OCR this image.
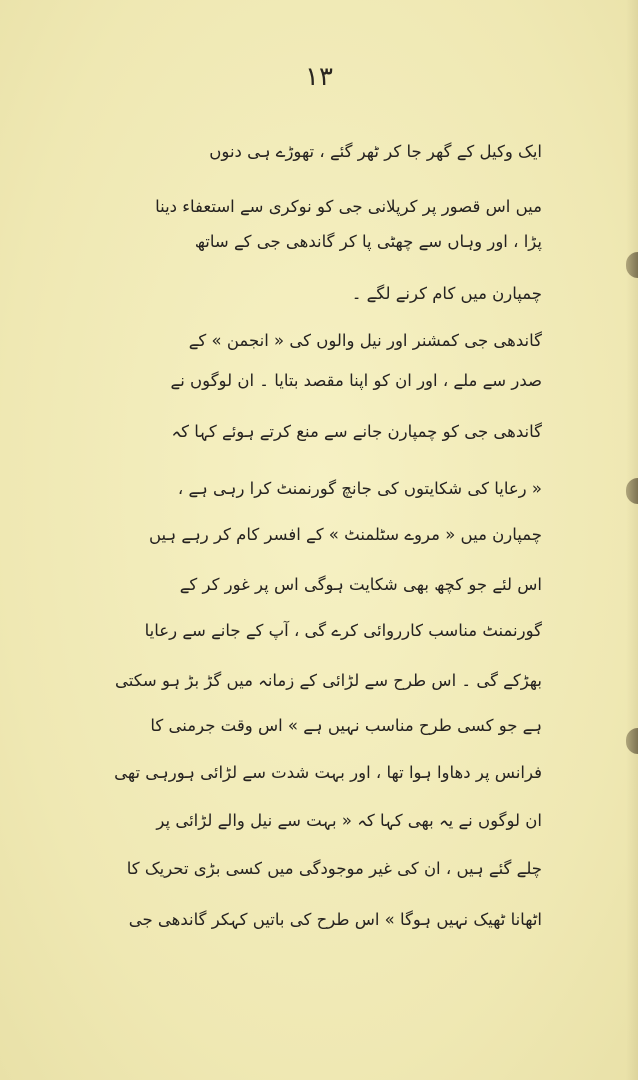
۱۳
ایک وکیل کے گھر جا کر ٹھر گئے ، تھوڑے ہی دنوں
میں اس قصور پر کرپلانی جی کو نوکری سے استعفاء دینا
پڑا ، اور وہاں سے چھٹی پا کر گاندھی جی کے ساتھ
چمپارن میں کام کرنے لگے ۔
گاندھی جی کمشنر اور نیل والوں کی « انجمن » کے
صدر سے ملے ، اور ان کو اپنا مقصد بتایا ۔ ان لوگوں نے
گاندھی جی کو چمپارن جانے سے منع کرتے ہوئے کہا کہ
« رعایا کی شکایتوں کی جانچ گورنمنٹ کرا رہی ہے ،
چمپارن میں « مروے سٹلمنٹ » کے افسر کام کر رہے ہیں
اس لئے جو کچھ بھی شکایت ہوگی اس پر غور کر کے
گورنمنٹ مناسب کارروائی کرے گی ، آپ کے جانے سے رعایا
بھڑکے گی ۔ اس طرح سے لڑائی کے زمانہ میں گڑ بڑ ہو سکتی
ہے جو کسی طرح مناسب نہیں ہے » اس وقت جرمنی کا
فرانس پر دھاوا ہوا تھا ، اور بہت شدت سے لڑائی ہورہی تھی
ان لوگوں نے یہ بھی کہا کہ « بہت سے نیل والے لڑائی پر
چلے گئے ہیں ، ان کی غیر موجودگی میں کسی بڑی تحریک کا
اٹھانا ٹھیک نہیں ہوگا » اس طرح کی باتیں کہکر گاندھی جی
